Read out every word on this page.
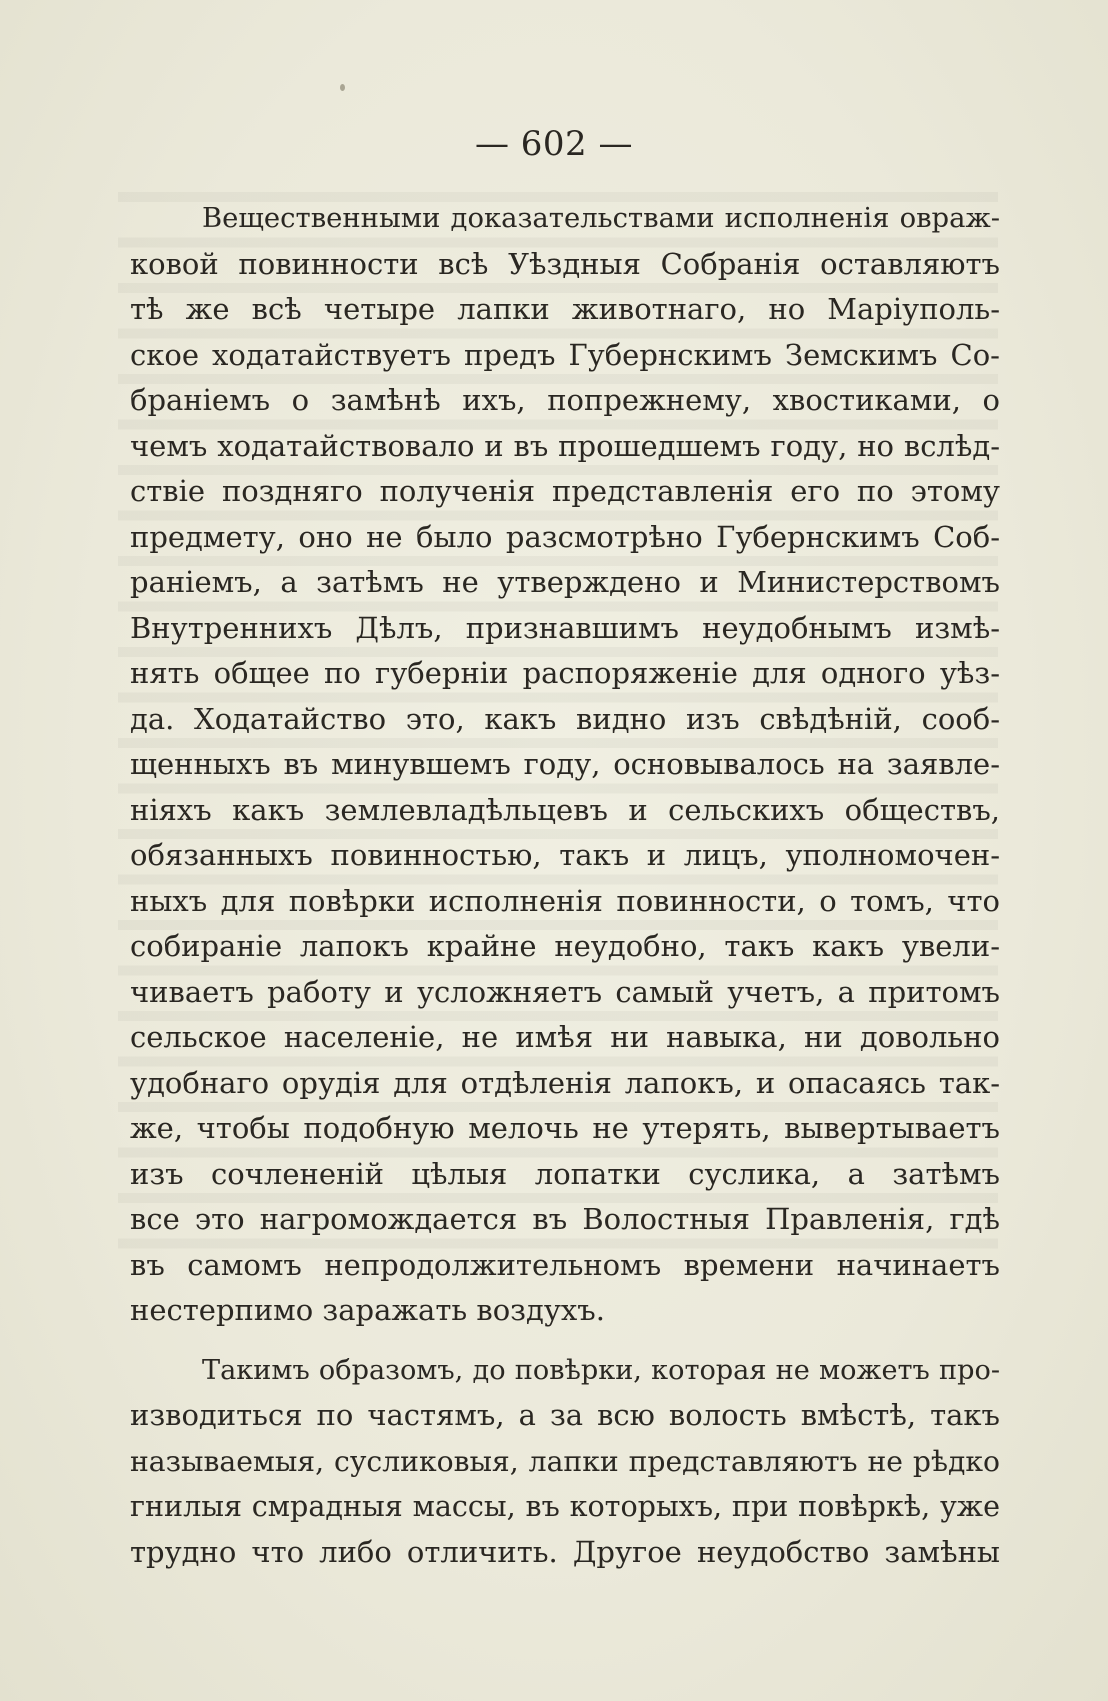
— 602 —
Вещественными доказательствами исполненія овраж-
ковой повинности всѣ Уѣздныя Собранія оставляютъ
тѣ же всѣ четыре лапки животнаго, но Маріуполь-
ское ходатайствуетъ предъ Губернскимъ Земскимъ Со-
браніемъ о замѣнѣ ихъ, попрежнему, хвостиками, о
чемъ ходатайствовало и въ прошедшемъ году, но вслѣд-
ствіе поздняго полученія представленія его по этому
предмету, оно не было разсмотрѣно Губернскимъ Соб-
раніемъ, а затѣмъ не утверждено и Министерствомъ
Внутреннихъ Дѣлъ, признавшимъ неудобнымъ измѣ-
нять общее по губерніи распоряженіе для одного уѣз-
да. Ходатайство это, какъ видно изъ свѣдѣній, сооб-
щенныхъ въ минувшемъ году, основывалось на заявле-
ніяхъ какъ землевладѣльцевъ и сельскихъ обществъ,
обязанныхъ повинностью, такъ и лицъ, уполномочен-
ныхъ для повѣрки исполненія повинности, о томъ, что
собираніе лапокъ крайне неудобно, такъ какъ увели-
чиваетъ работу и усложняетъ самый учетъ, а притомъ
сельское населеніе, не имѣя ни навыка, ни довольно
удобнаго орудія для отдѣленія лапокъ, и опасаясь так-
же, чтобы подобную мелочь не утерять, вывертываетъ
изъ сочлененій цѣлыя лопатки суслика, а затѣмъ
все это нагромождается въ Волостныя Правленія, гдѣ
въ самомъ непродолжительномъ времени начинаетъ
нестерпимо заражать воздухъ.
Такимъ образомъ, до повѣрки, которая не можетъ про-
изводиться по частямъ, а за всю волость вмѣстѣ, такъ
называемыя, сусликовыя, лапки представляютъ не рѣдко
гнилыя смрадныя массы, въ которыхъ, при повѣркѣ, уже
трудно что либо отличить. Другое неудобство замѣны
